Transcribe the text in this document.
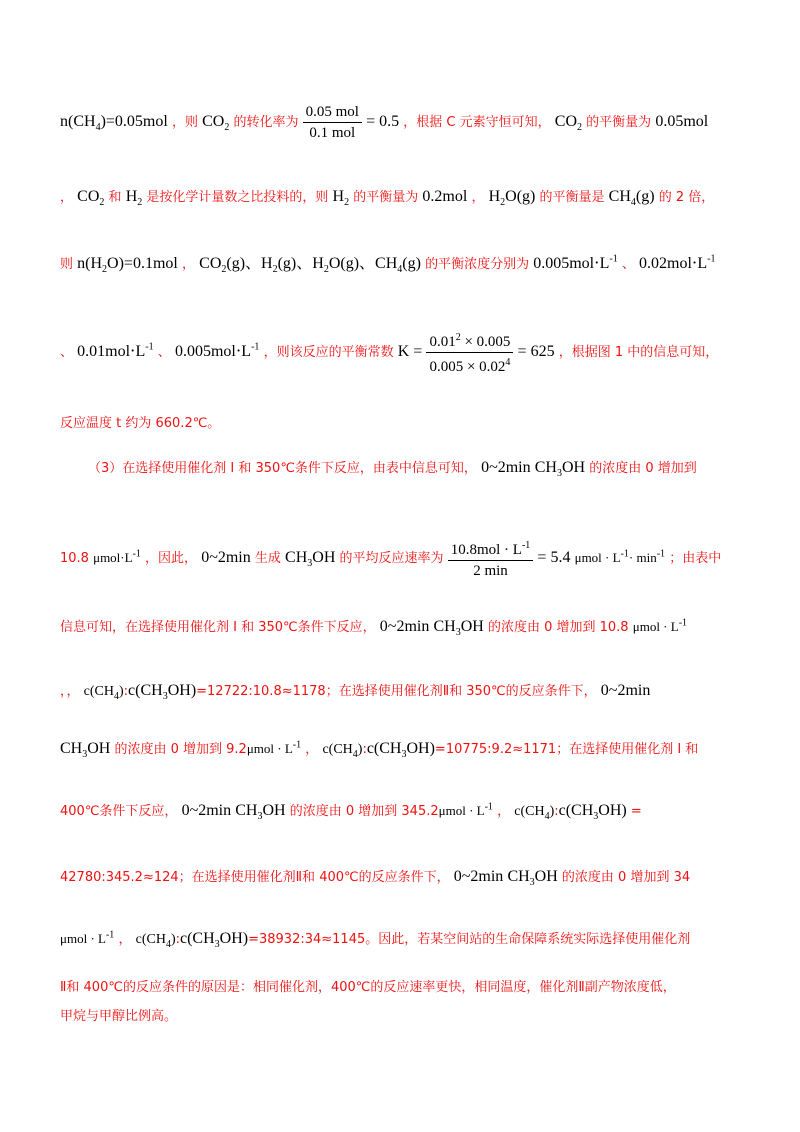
$n(CH_4)=0.05mol$ ，则 $CO_2$ 的转化率为 $\frac{\text{0.05 mol}}{\text{0.1 mol}} = 0.5$ ，根据 C 元素守恒可知， $CO_2$ 的平衡量为 0.05mol
， $CO_2$ 和 $H_2$ 是按化学计量数之比投料的，则 $H_2$ 的平衡量为 0.2mol ， $H_2O(g)$ 的平衡量是 $CH_4(g)$ 的 2 倍，
则 $n(H_2O)=0.1mol$ ， $CO_2(g)$、$H_2(g)$、$H_2O(g)$、$CH_4(g)$ 的平衡浓度分别为 $0.005mol\cdot L^{-1}$ 、 $0.02mol\cdot L^{-1}$
、 $0.01mol\cdot L^{-1}$ 、 $0.005mol\cdot L^{-1}$ ，则该反应的平衡常数 $K = \frac{0.01^2 \times 0.005}{0.005 \times 0.02^4} = 625$ ，根据图 1 中的信息可知，
反应温度 t 约为 660.2℃。
（3）在选择使用催化剂 Ⅰ 和 350℃条件下反应，由表中信息可知， 0~2min $CH_3OH$ 的浓度由 0 增加到
10.8 $\mu mol\cdot L^{-1}$ ，因此， 0~2min 生成 $CH_3OH$ 的平均反应速率为 $\frac{10.8mol \cdot L^{-1}}{2 \min} = 5.4$ $\mu mol \cdot L^{-1}\cdot \min^{-1}$ ；由表中
信息可知，在选择使用催化剂 Ⅰ 和 350℃条件下反应， 0~2min $CH_3OH$ 的浓度由 0 增加到 10.8 $\mu mol \cdot L^{-1}$
，， $c(CH_4):c(CH_3OH)=12722:10.8\approx 1178$；在选择使用催化剂Ⅱ和 350℃的反应条件下， 0~2min
$CH_3OH$ 的浓度由 0 增加到 $9.2\mu mol \cdot L^{-1}$ ， $c(CH_4):c(CH_3OH)=10775:9.2\approx 1171$；在选择使用催化剂 Ⅰ 和
400℃条件下反应， 0~2min $CH_3OH$ 的浓度由 0 增加到 $345.2\mu mol \cdot L^{-1}$ ， $c(CH_4):c(CH_3OH)$ =
42780:345.2≈124；在选择使用催化剂Ⅱ和 400℃的反应条件下， 0~2min $CH_3OH$ 的浓度由 0 增加到 34
$\mu mol \cdot L^{-1}$ ， $c(CH_4):c(CH_3OH)=38932:34\approx 1145$。因此，若某空间站的生命保障系统实际选择使用催化剂
Ⅱ和 400℃的反应条件的原因是：相同催化剂，400℃的反应速率更快，相同温度，催化剂Ⅱ副产物浓度低，
甲烷与甲醇比例高。
